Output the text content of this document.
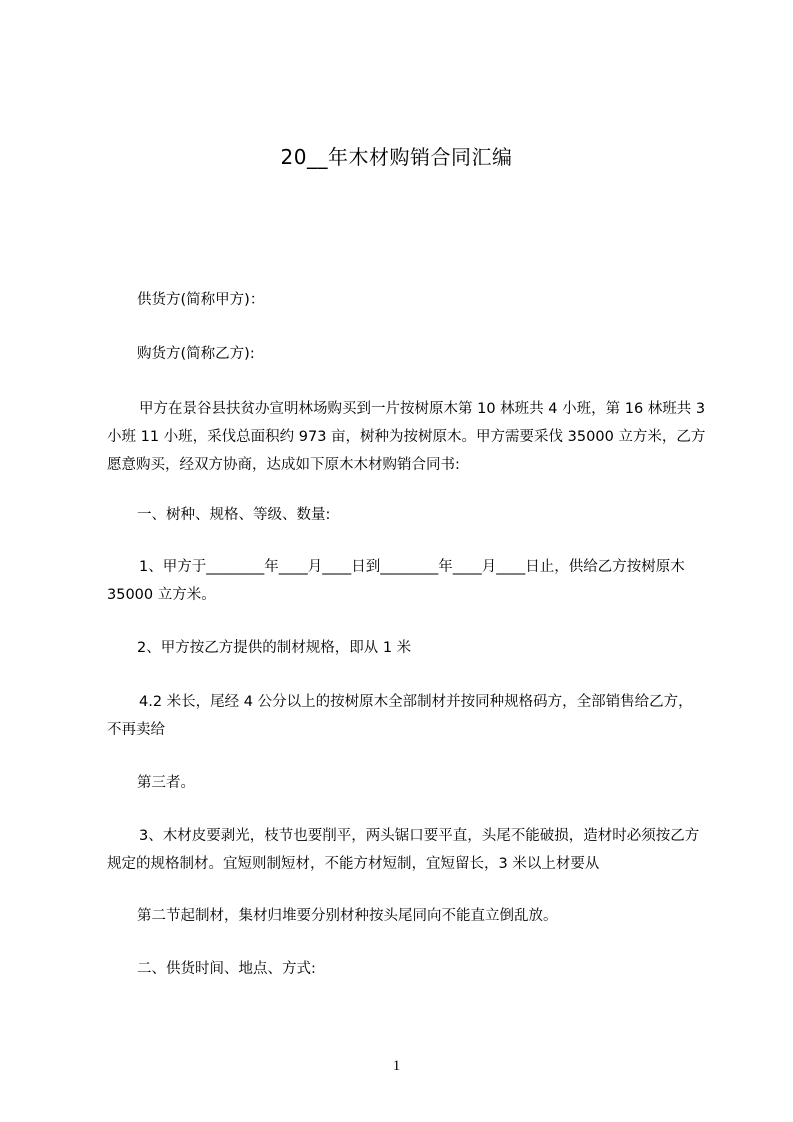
20__年木材购销合同汇编

供货方(简称甲方)：

购货方(简称乙方):

甲方在景谷县扶贫办宣明林场购买到一片按树原木第 10 林班共 4 小班，第 16 林班共 3 小班 11 小班，采伐总面积约 973 亩，树种为按树原木。甲方需要采伐 35000 立方米，乙方愿意购买，经双方协商，达成如下原木木材购销合同书:

一、树种、规格、等级、数量:

1、甲方于________年____月____日到________年____月____日止，供给乙方按树原木 35000 立方米。

2、甲方按乙方提供的制材规格，即从 1 米

4.2 米长，尾经 4 公分以上的按树原木全部制材并按同种规格码方，全部销售给乙方，不再卖给

第三者。

3、木材皮要剥光，枝节也要削平，两头锯口要平直，头尾不能破损，造材时必须按乙方规定的规格制材。宜短则制短材，不能方材短制，宜短留长，3 米以上材要从

第二节起制材，集材归堆要分别材种按头尾同向不能直立倒乱放。

二、供货时间、地点、方式:

1
